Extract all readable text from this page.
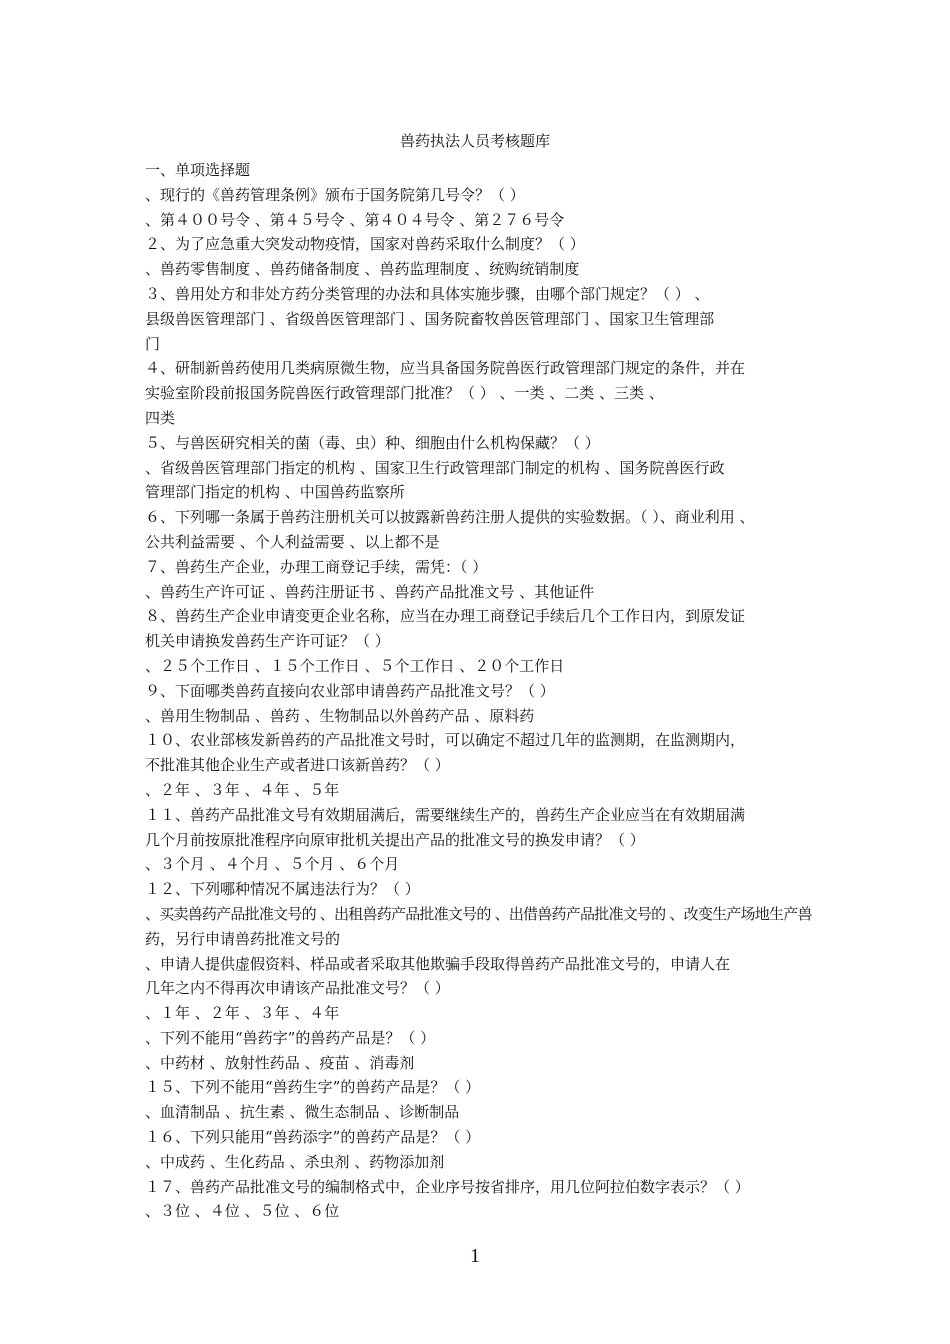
兽药执法人员考核题库
一、单项选择题
、现行的《兽药管理条例》颁布于国务院第几号令？（ ）
、第４００号令 、第４５号令 、第４０４号令 、第２７６号令
２、为了应急重大突发动物疫情，国家对兽药采取什么制度？（ ）
、兽药零售制度 、兽药储备制度 、兽药监理制度 、统购统销制度
３、兽用处方和非处方药分类管理的办法和具体实施步骤，由哪个部门规定？（ ） 、
县级兽医管理部门 、省级兽医管理部门 、国务院畜牧兽医管理部门 、国家卫生管理部
门
４、研制新兽药使用几类病原微生物，应当具备国务院兽医行政管理部门规定的条件，并在
实验室阶段前报国务院兽医行政管理部门批准？（ ） 、一类 、二类 、三类 、
四类
５、与兽医研究相关的菌（毒、虫）种、细胞由什么机构保藏？（ ）
、省级兽医管理部门指定的机构 、国家卫生行政管理部门制定的机构 、国务院兽医行政
管理部门指定的机构 、中国兽药监察所
６、下列哪一条属于兽药注册机关可以披露新兽药注册人提供的实验数据。（ ）、商业利用 、
公共利益需要 、个人利益需要 、以上都不是
７、兽药生产企业，办理工商登记手续，需凭：（ ）
、兽药生产许可证 、兽药注册证书 、兽药产品批准文号 、其他证件
８、兽药生产企业申请变更企业名称，应当在办理工商登记手续后几个工作日内，到原发证
机关申请换发兽药生产许可证？（ ）
、２５个工作日 、１５个工作日 、５个工作日 、２０个工作日
９、下面哪类兽药直接向农业部申请兽药产品批准文号？（ ）
、兽用生物制品 、兽药 、生物制品以外兽药产品 、原料药
１０、农业部核发新兽药的产品批准文号时，可以确定不超过几年的监测期，在监测期内，
不批准其他企业生产或者进口该新兽药？（ ）
、２年 、３年 、４年 、５年
１１、兽药产品批准文号有效期届满后，需要继续生产的，兽药生产企业应当在有效期届满
几个月前按原批准程序向原审批机关提出产品的批准文号的换发申请？（ ）
、３个月 、４个月 、５个月 、６个月
１２、下列哪种情况不属违法行为？（ ）
、买卖兽药产品批准文号的 、出租兽药产品批准文号的 、出借兽药产品批准文号的 、改变生产场地生产兽
药，另行申请兽药批准文号的
、申请人提供虚假资料、样品或者采取其他欺骗手段取得兽药产品批准文号的，申请人在
几年之内不得再次申请该产品批准文号？（ ）
、１年 、２年 、３年 、４年
、下列不能用“兽药字”的兽药产品是？（ ）
、中药材 、放射性药品 、疫苗 、消毒剂
１５、下列不能用“兽药生字”的兽药产品是？（ ）
、血清制品 、抗生素 、微生态制品 、诊断制品
１６、下列只能用“兽药添字”的兽药产品是？（ ）
、中成药 、生化药品 、杀虫剂 、药物添加剂
１７、兽药产品批准文号的编制格式中，企业序号按省排序，用几位阿拉伯数字表示？（ ）
、３位 、４位 、５位 、６位
1
